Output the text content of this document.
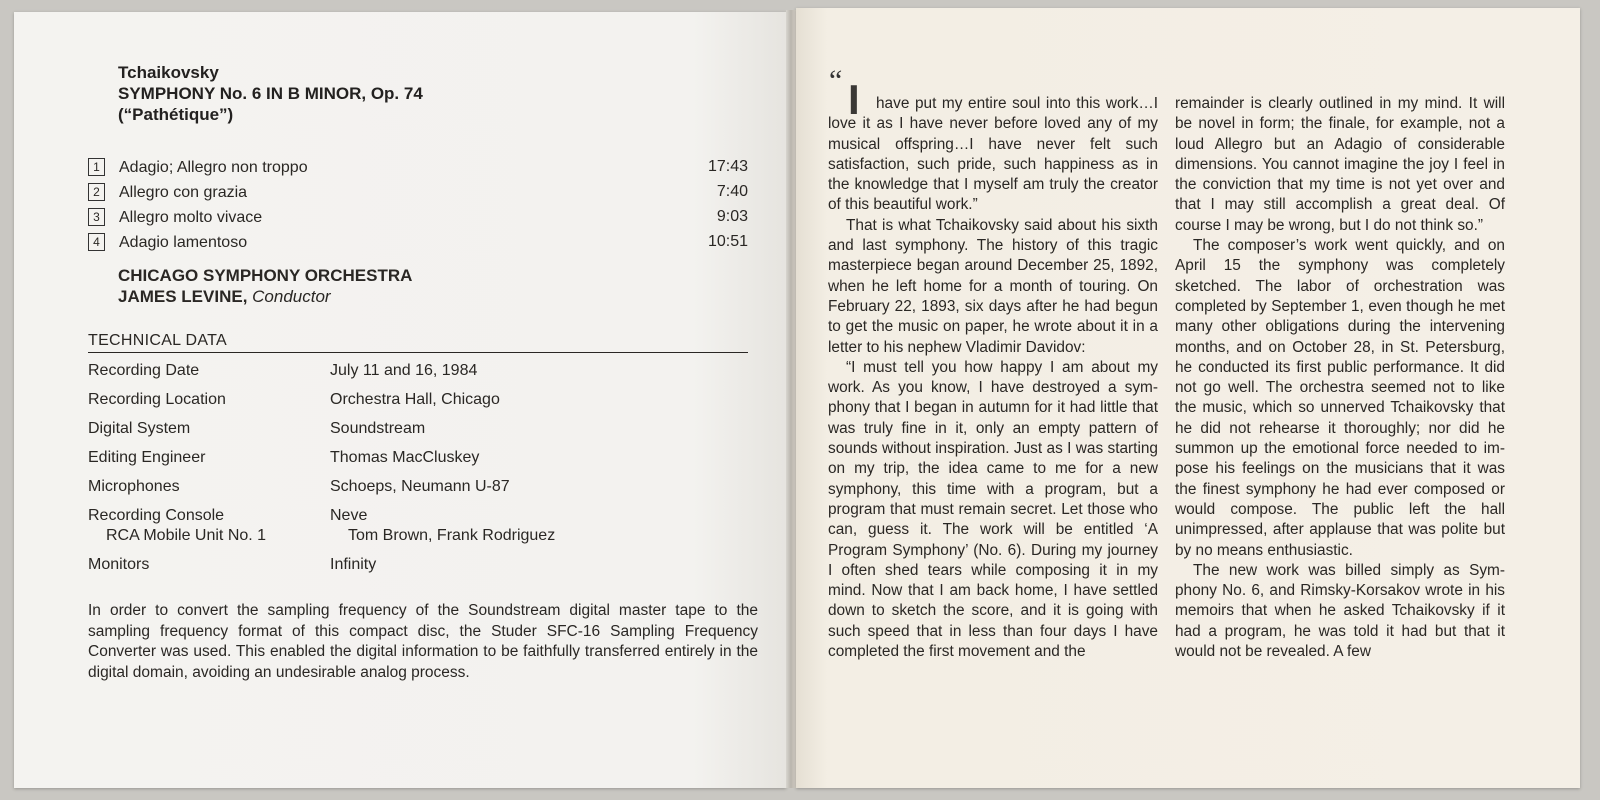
Tchaikovsky
SYMPHONY No. 6 IN B MINOR, Op. 74
(“Pathétique”)
1	Adagio; Allegro non troppo	17:43
2	Allegro con grazia	7:40
3	Allegro molto vivace	9:03
4	Adagio lamentoso	10:51
CHICAGO SYMPHONY ORCHESTRA
JAMES LEVINE, Conductor
TECHNICAL DATA
Recording Date	July 11 and 16, 1984
Recording Location	Orchestra Hall, Chicago
Digital System	Soundstream
Editing Engineer	Thomas MacCluskey
Microphones	Schoeps, Neumann U-87
Recording Console	Neve
RCA Mobile Unit No. 1	Tom Brown, Frank Rodriguez
Monitors	Infinity
In order to convert the sampling frequency of the Soundstream digital master tape to the sampling frequency format of this compact disc, the Studer SFC-16 Sampling Frequency Converter was used. This enabled the digital information to be faithfully transferred entirely in the digital domain, avoiding an undesirable analog process.
“ I	have put my entire soul into this work…I love it as I have never before loved any of my musical offspring…I have never felt such satisfaction, such pride, such happiness as in the knowledge that I myself am truly the creator of this beautiful work.”

That is what Tchaikovsky said about his sixth and last symphony. The history of this tragic masterpiece began around December 25, 1892, when he left home for a month of touring. On February 22, 1893, six days after he had begun to get the music on paper, he wrote about it in a letter to his nephew Vladimir Davidov:

“I must tell you how happy I am about my work. As you know, I have destroyed a symphony that I began in autumn for it had little that was truly fine in it, only an empty pattern of sounds without inspiration. Just as I was starting on my trip, the idea came to me for a new symphony, this time with a program, but a program that must remain secret. Let those who can, guess it. The work will be entitled ‘A Program Symphony’ (No. 6). During my journey I often shed tears while composing it in my mind. Now that I am back home, I have settled down to sketch the score, and it is going with such speed that in less than four days I have completed the first movement and the

remainder is clearly outlined in my mind. It will be novel in form; the finale, for example, not a loud Allegro but an Adagio of considerable dimensions. You cannot imagine the joy I feel in the conviction that my time is not yet over and that I may still accomplish a great deal. Of course I may be wrong, but I do not think so.”

The composer’s work went quickly, and on April 15 the symphony was completely sketched. The labor of orchestration was completed by September 1, even though he met many other obligations during the intervening months, and on October 28, in St. Petersburg, he conducted its first public performance. It did not go well. The orchestra seemed not to like the music, which so unnerved Tchaikovsky that he did not rehearse it thoroughly; nor did he summon up the emotional force needed to impose his feelings on the musicians that it was the finest symphony he had ever composed or would compose. The public left the hall unimpressed, after applause that was polite but by no means enthusiastic.

The new work was billed simply as Symphony No. 6, and Rimsky-Korsakov wrote in his memoirs that when he asked Tchaikovsky if it had a program, he was told it had but that it would not be revealed. A few
